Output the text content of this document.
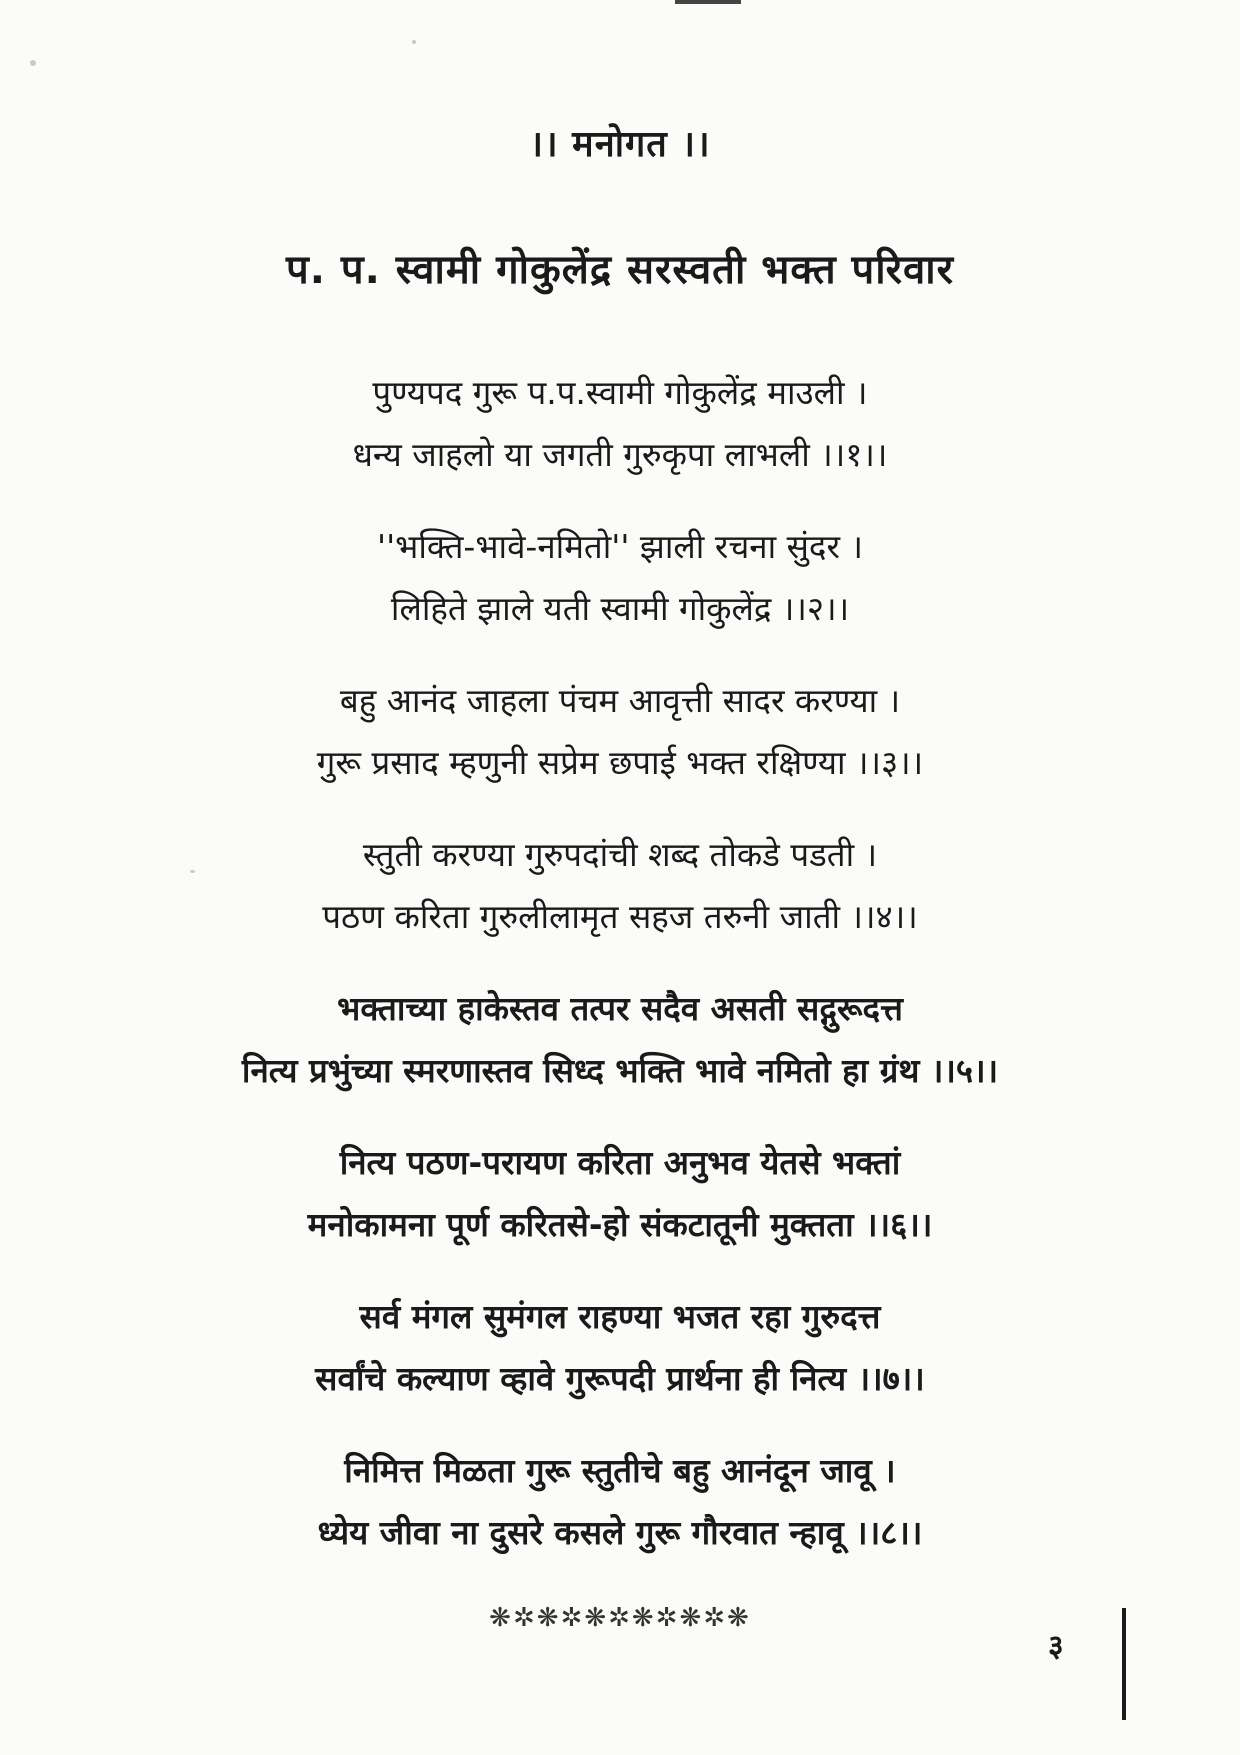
।। मनोगत ।।
प. प. स्वामी गोकुलेंद्र सरस्वती भक्त परिवार
पुण्यपद गुरू प.प.स्वामी गोकुलेंद्र माउली ।
धन्य जाहलो या जगती गुरुकृपा लाभली ।।१।।
''भक्ति-भावे-नमितो'' झाली रचना सुंदर ।
लिहिते झाले यती स्वामी गोकुलेंद्र ।।२।।
बहु आनंद जाहला पंचम आवृत्ती सादर करण्या ।
गुरू प्रसाद म्हणुनी सप्रेम छपाई भक्त रक्षिण्या ।।३।।
स्तुती करण्या गुरुपदांची शब्द तोकडे पडती ।
पठण करिता गुरुलीलामृत सहज तरुनी जाती ।।४।।
भक्ताच्या हाकेस्तव तत्पर सदैव असती सद्गुरूदत्त
नित्य प्रभुंच्या स्मरणास्तव सिध्द भक्ति भावे नमितो हा ग्रंथ ।।५।।
नित्य पठण-परायण करिता अनुभव येतसे भक्तां
मनोकामना पूर्ण करितसे-हो संकटातूनी मुक्तता ।।६।।
सर्व मंगल सुमंगल राहण्या भजत रहा गुरुदत्त
सर्वांचे कल्याण व्हावे गुरूपदी प्रार्थना ही नित्य ।।७।।
निमित्त मिळता गुरू स्तुतीचे बहु आनंदून जावू ।
ध्येय जीवा ना दुसरे कसले गुरू गौरवात न्हावू ।।८।।
❋✲❋✲❋✲❋✲❋✲❋
३
